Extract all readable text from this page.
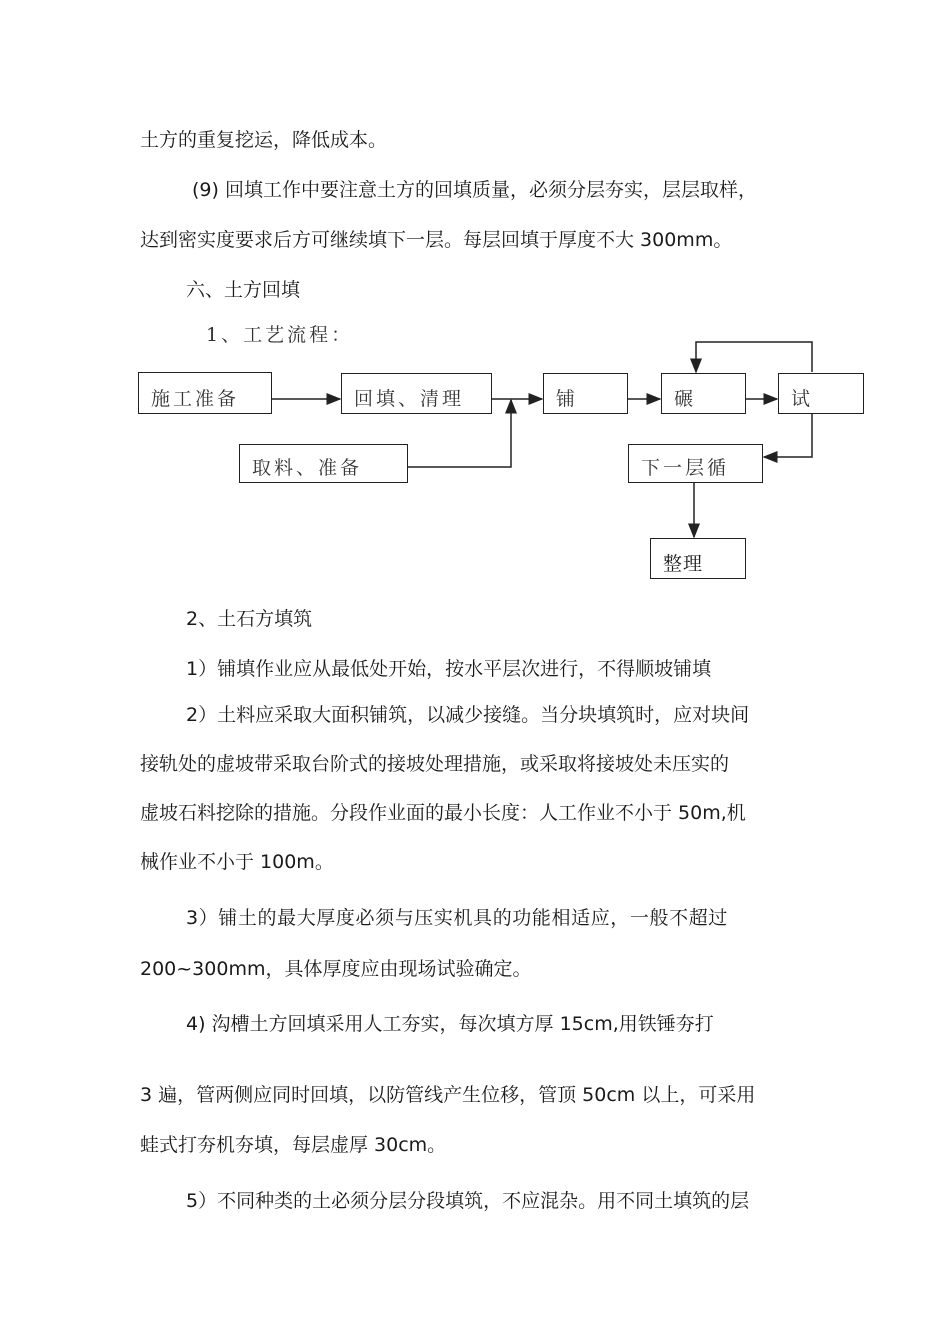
土方的重复挖运，降低成本。
(9) 回填工作中要注意土方的回填质量，必须分层夯实，层层取样，
达到密实度要求后方可继续填下一层。每层回填于厚度不大 300mm。
六、土方回填
1、工艺流程：
施工准备	回填、清理	铺	碾	试
取料、准备	下一层循
整理
2、土石方填筑
1）铺填作业应从最低处开始，按水平层次进行，不得顺坡铺填
2）土料应采取大面积铺筑，以减少接缝。当分块填筑时，应对块间
接轨处的虚坡带采取台阶式的接坡处理措施，或采取将接坡处未压实的
虚坡石料挖除的措施。分段作业面的最小长度：人工作业不小于 50m,机
械作业不小于 100m。
3）铺土的最大厚度必须与压实机具的功能相适应，一般不超过
200~300mm，具体厚度应由现场试验确定。
4) 沟槽土方回填采用人工夯实，每次填方厚 15cm,用铁锤夯打
3 遍，管两侧应同时回填，以防管线产生位移，管顶 50cm 以上，可采用
蛙式打夯机夯填，每层虚厚 30cm。
5）不同种类的土必须分层分段填筑，不应混杂。用不同土填筑的层
